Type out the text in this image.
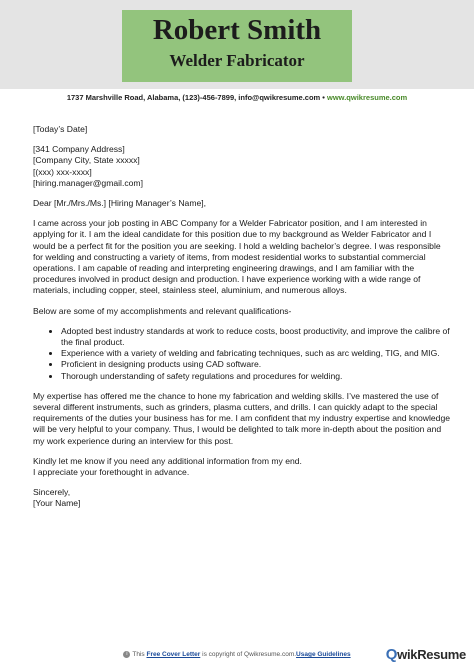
Robert Smith
Welder Fabricator
1737 Marshville Road, Alabama, (123)-456-7899, info@qwikresume.com • www.qwikresume.com

[Today’s Date]

[341 Company Address]
[Company City, State xxxxx]
[(xxx) xxx-xxxx]
[hiring.manager@gmail.com]

Dear [Mr./Mrs./Ms.] [Hiring Manager’s Name],

I came across your job posting in ABC Company for a Welder Fabricator position, and I am interested in applying for it. I am the ideal candidate for this position due to my background as Welder Fabricator and I would be a perfect fit for the position you are seeking. I hold a welding bachelor’s degree. I was responsible for welding and constructing a variety of items, from modest residential works to substantial commercial operations. I am capable of reading and interpreting engineering drawings, and I am familiar with the procedures involved in product design and production. I have experience working with a wide range of materials, including copper, steel, stainless steel, aluminium, and numerous alloys.

Below are some of my accomplishments and relevant qualifications-

• Adopted best industry standards at work to reduce costs, boost productivity, and improve the calibre of the final product.
• Experience with a variety of welding and fabricating techniques, such as arc welding, TIG, and MIG.
• Proficient in designing products using CAD software.
• Thorough understanding of safety regulations and procedures for welding.

My expertise has offered me the chance to hone my fabrication and welding skills. I’ve mastered the use of several different instruments, such as grinders, plasma cutters, and drills. I can quickly adapt to the special requirements of the duties your business has for me. I am confident that my industry expertise and knowledge will be very helpful to your company. Thus, I would be delighted to talk more in-depth about the position and my work experience during an interview for this post.

Kindly let me know if you need any additional information from my end.
I appreciate your forethought in advance.
Sincerely,
[Your Name]
i This Free Cover Letter is copyright of Qwikresume.com.Usage Guidelines	QwikResume
